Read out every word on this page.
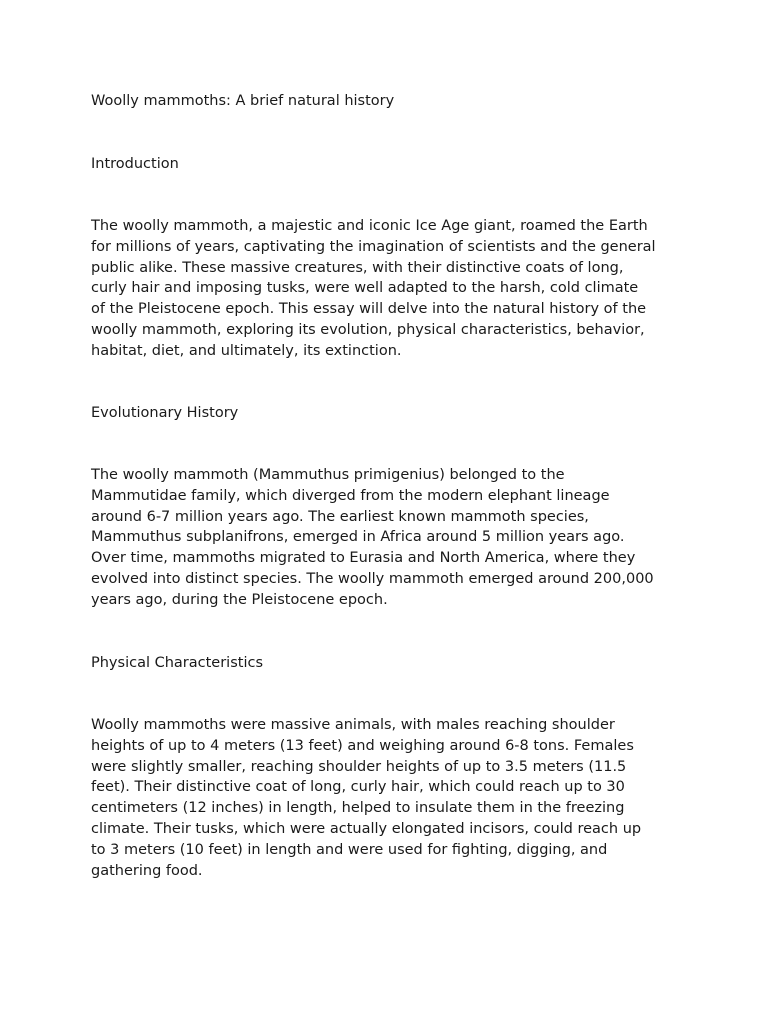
Woolly mammoths: A brief natural history

Introduction

The woolly mammoth, a majestic and iconic Ice Age giant, roamed the Earth
for millions of years, captivating the imagination of scientists and the general
public alike. These massive creatures, with their distinctive coats of long,
curly hair and imposing tusks, were well adapted to the harsh, cold climate
of the Pleistocene epoch. This essay will delve into the natural history of the
woolly mammoth, exploring its evolution, physical characteristics, behavior,
habitat, diet, and ultimately, its extinction.

Evolutionary History

The woolly mammoth (Mammuthus primigenius) belonged to the
Mammutidae family, which diverged from the modern elephant lineage
around 6-7 million years ago. The earliest known mammoth species,
Mammuthus subplanifrons, emerged in Africa around 5 million years ago.
Over time, mammoths migrated to Eurasia and North America, where they
evolved into distinct species. The woolly mammoth emerged around 200,000
years ago, during the Pleistocene epoch.

Physical Characteristics

Woolly mammoths were massive animals, with males reaching shoulder
heights of up to 4 meters (13 feet) and weighing around 6-8 tons. Females
were slightly smaller, reaching shoulder heights of up to 3.5 meters (11.5
feet). Their distinctive coat of long, curly hair, which could reach up to 30
centimeters (12 inches) in length, helped to insulate them in the freezing
climate. Their tusks, which were actually elongated incisors, could reach up
to 3 meters (10 feet) in length and were used for fighting, digging, and
gathering food.
